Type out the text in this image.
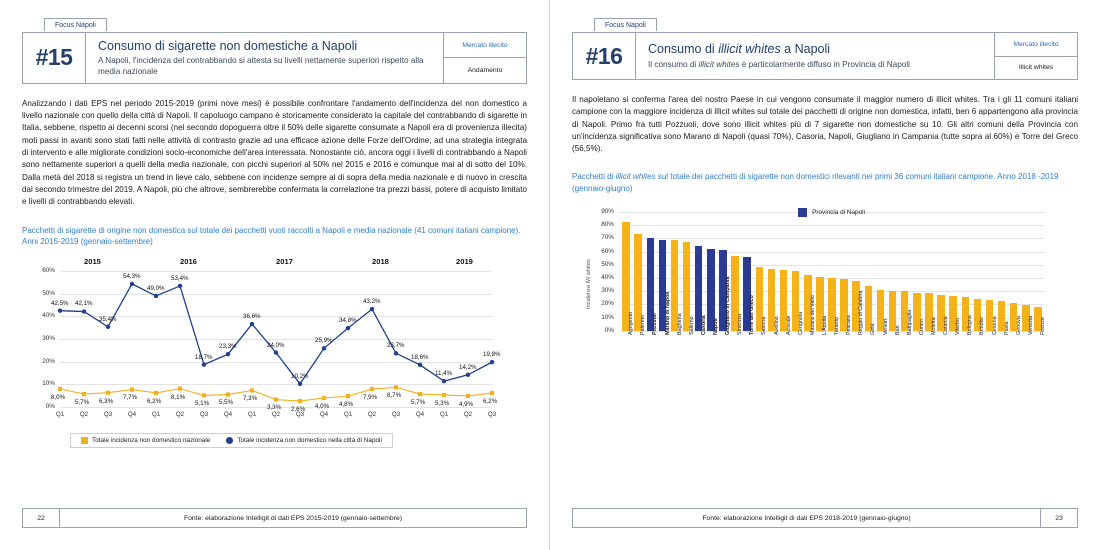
Focus Napoli
#15 Consumo di sigarette non domestiche a Napoli
A Napoli, l'incidenza del contrabbando si attesta su livelli nettamente superiori rispetto alla media nazionale
Mercato illecito
Andamento
Analizzando i dati EPS nel periodo 2015-2019 (primi nove mesi) è possibile confrontare l'andamento dell'incidenza del non domestico a livello nazionale con quello della città di Napoli. Il capoluogo campano è storicamente considerato la capitale del contrabbando di sigarette in Italia, sebbene, rispetto ai decenni scorsi (nel secondo dopoguerra oltre il 50% delle sigarette consumate a Napoli era di provenienza illecita) moti passi in avanti sono stati fatti nelle attività di contrasto grazie ad una efficace azione delle Forze dell'Ordine, ad una strategia integrata di intervento e alle migliorate condizioni socio-economiche dell'area interessata. Nonostante ciò, ancora oggi i livelli di contrabbando a Napoli sono nettamente superiori a quelli della media nazionale, con picchi superiori al 50% nel 2015 e 2016 e comunque mai al di sotto del 10%. Dalla metà del 2018 si registra un trend in lieve calo, sebbene con incidenze sempre al di sopra della media nazionale e di nuovo in crescita dal secondo trimestre del 2019. A Napoli, più che altrove, sembrerebbe confermata la correlazione tra prezzi bassi, potere di acquisto limitato e livelli di contrabbando elevati.
Pacchetti di sigarette di origine non domestica sul totale dei pacchetti vuoti raccolti a Napoli e media nazionale (41 comuni italiani campione). Anni 2015-2019 (gennaio-settembre)
0%
10%
20%
30%
40%
50%
60%
8,0%
5,7% 6,3% 7,7% 6,2%
8,1%
5,1% 5,5%
7,3%
3,3% 2,6% 4,0% 4,8%
7,9% 8,7%
5,7% 5,3% 4,9% 6,2%
42,5% 42,1%
35,4%
54,3%
49,0%
53,4%
18,7%
23,3%
36,6%
24,0%
10,2%
25,9%
34,8%
43,2%
23,7%
18,6%
11,4%
14,2%
19,8%
Q1	Q2	Q3	Q4	Q1	Q2	Q3	Q4	Q1	Q2	Q3	Q4	Q1	Q2	Q3	Q4	Q1	Q2	Q3
2015	2016	2017	2018	2019
Totale incidenza non domestico nazionale	Totale incidenza non domestico nella città di Napoli
22	Fonte: elaborazione Intelligit di dati EPS 2015-2019 (gennaio-settembre)
Focus Napoli
#16 Consumo di illicit whites a Napoli
Il consumo di illicit whites è particolarmente diffuso in Provincia di Napoli
Mercato illecito
Illicit whites
Il napoletano si conferma l'area del nostro Paese in cui vengono consumate il maggior numero di illicit whites. Tra i gli 11 comuni italiani campione con la maggiore incidenza di illicit whites sul totale dei pacchetti di origine non domestica, infatti, ben 6 appartengono alla provincia di Napoli. Primo fra tutti Pozzuoli, dove sono illicit whites più di 7 sigarette non domestiche su 10. Gli altri comuni della Provincia con un'incidenza significativa sono Marano di Napoli (quasi 70%), Casoria, Napoli, Giugliano in Campania (tutte sopra al 60%) e Torre del Greco (56,5%).
Pacchetti di illicit whites sul totale dei pacchetti di sigarette non domestici rilevanti nei primi 36 comuni italiani campione. Anno 2018 -2019 (gennaio-giugno)
0%
10%
20%
30%
40%
50%
60%
70%
80%
90%
Incidenza IW whites
Agrigento Palermo Pozzuoli Marano di Napoli Bagheria Salerno Casoria Napoli Giugliano in Campania Siracusa Torre del Greco Savona Avellino Acireale Cerignola Mazara del Vallo L'Aquila Taranto Pescara Reggio di Calabria Gela Velletri Bari Battipaglia Cuneo Moletta Catania Viterbo Bologna Brindisi Cesena Pavia Genova Venezia Firenze
Provincia di Napoli
Fonte: elaborazione Intelligit di dati EPS 2018-2019 (gennaio-giugno)	23
